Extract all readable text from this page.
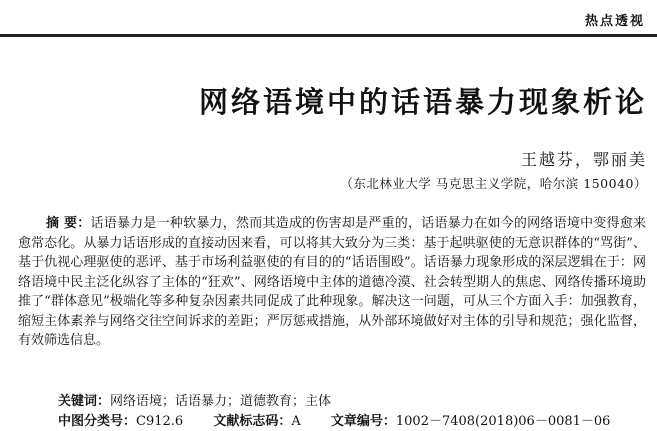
热点透视
网络语境中的话语暴力现象析论
王越芬，鄂丽美
（东北林业大学 马克思主义学院，哈尔滨 150040）
摘 要：话语暴力是一种软暴力，然而其造成的伤害却是严重的，话语暴力在如今的网络语境中变得愈来愈常态化。从暴力话语形成的直接动因来看，可以将其大致分为三类：基于起哄驱使的无意识群体的“骂街”、基于仇视心理驱使的恶评、基于市场利益驱使的有目的的“话语围殴”。话语暴力现象形成的深层逻辑在于：网络语境中民主泛化纵容了主体的“狂欢”、网络语境中主体的道德冷漠、社会转型期人的焦虑、网络传播环境助推了“群体意见”极端化等多种复杂因素共同促成了此种现象。解决这一问题，可从三个方面入手：加强教育，缩短主体素养与网络交往空间诉求的差距；严厉惩戒措施，从外部环境做好对主体的引导和规范；强化监督，有效筛选信息。
关键词：网络语境；话语暴力；道德教育；主体
中图分类号：C912.6 文献标志码：A 文章编号：1002－7408(2018)06－0081－06
